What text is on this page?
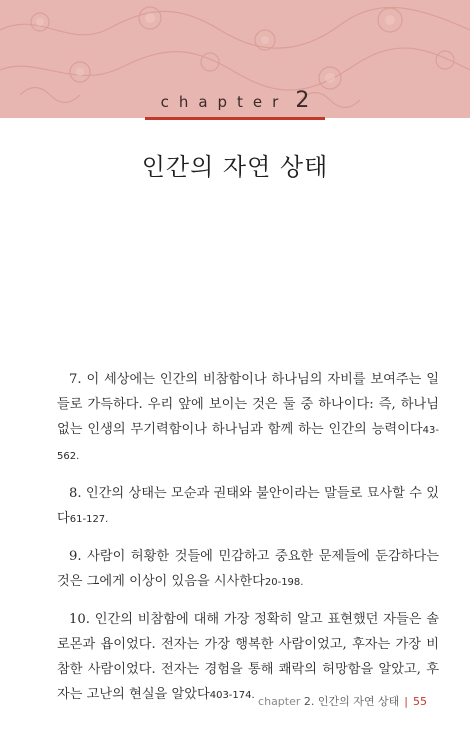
chapter 2
인간의 자연 상태

7. 이 세상에는 인간의 비참함이나 하나님의 자비를 보여주는 일들로 가득하다. 우리 앞에 보이는 것은 둘 중 하나이다: 즉, 하나님 없는 인생의 무기력함이나 하나님과 함께 하는 인간의 능력이다43-562.

8. 인간의 상태는 모순과 권태와 불안이라는 말들로 묘사할 수 있다61-127.

9. 사람이 허황한 것들에 민감하고 중요한 문제들에 둔감하다는 것은 그에게 이상이 있음을 시사한다20-198.

10. 인간의 비참함에 대해 가장 정확히 알고 표현했던 자들은 솔로몬과 욥이었다. 전자는 가장 행복한 사람이었고, 후자는 가장 비참한 사람이었다. 전자는 경험을 통해 쾌락의 허망함을 알았고, 후자는 고난의 현실을 알았다403-174. chapter 2. 인간의 자연 상태 | 55
